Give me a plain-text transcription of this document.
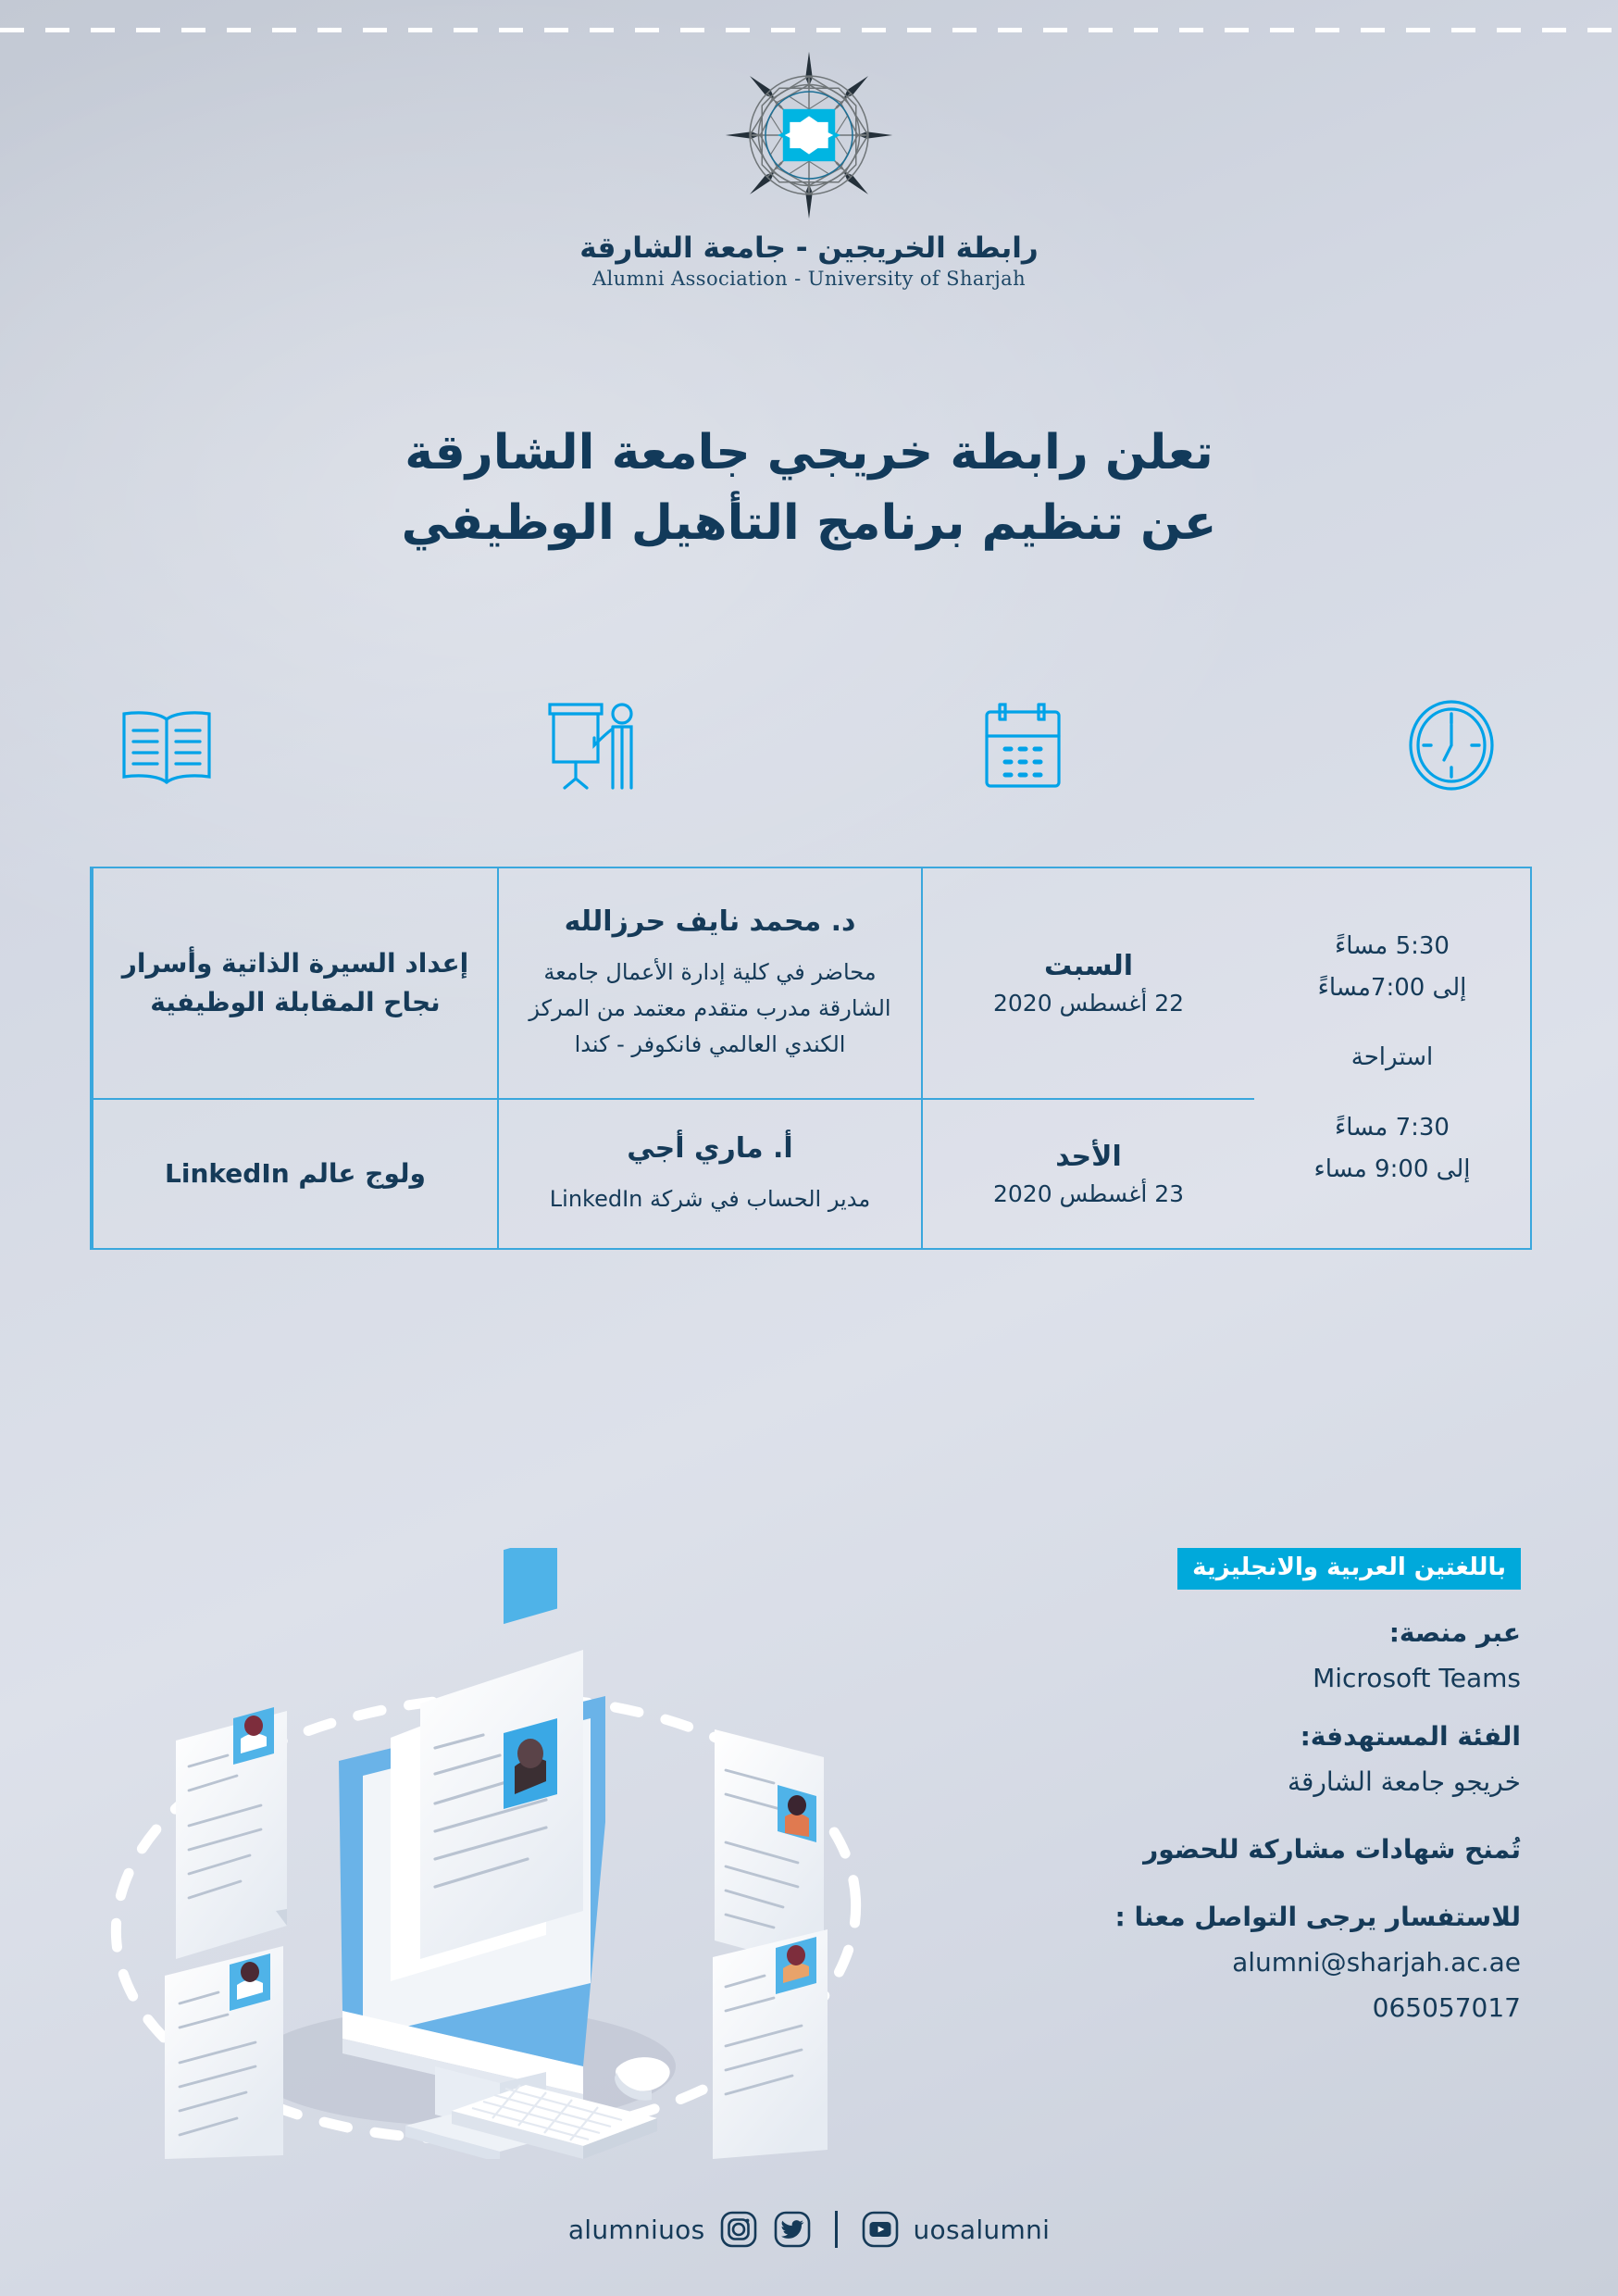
رابطة الخريجين - جامعة الشارقة
Alumni Association - University of Sharjah
تعلن رابطة خريجي جامعة الشارقة
عن تنظيم برنامج التأهيل الوظيفي
إعداد السيرة الذاتية وأسرار نجاح المقابلة الوظيفية
ولوج عالم LinkedIn
د. محمد نايف حرزالله
محاضر في كلية إدارة الأعمال جامعة الشارقة مدرب متقدم معتمد من المركز الكندي العالمي فانكوفر - كندا
أ. ماري أجي
مدير الحساب في شركة LinkedIn
السبت
22 أغسطس 2020
الأحد
23 أغسطس 2020
5:30 مساءً
إلى 7:00مساءً
استراحة
7:30 مساءً
إلى 9:00 مساء
باللغتين العربية والانجليزية
عبر منصة:
Microsoft Teams
الفئة المستهدفة:
خريجو جامعة الشارقة
تُمنح شهادات مشاركة للحضور
للاستفسار يرجى التواصل معنا :
alumni@sharjah.ac.ae
065057017
alumniuos	uosalumni
